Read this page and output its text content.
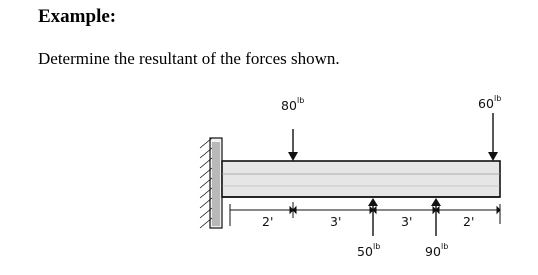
Example:
Determine the resultant of the forces shown.
80 lb	60 lb
50 lb	90 lb
2'	3'	3'	2'
